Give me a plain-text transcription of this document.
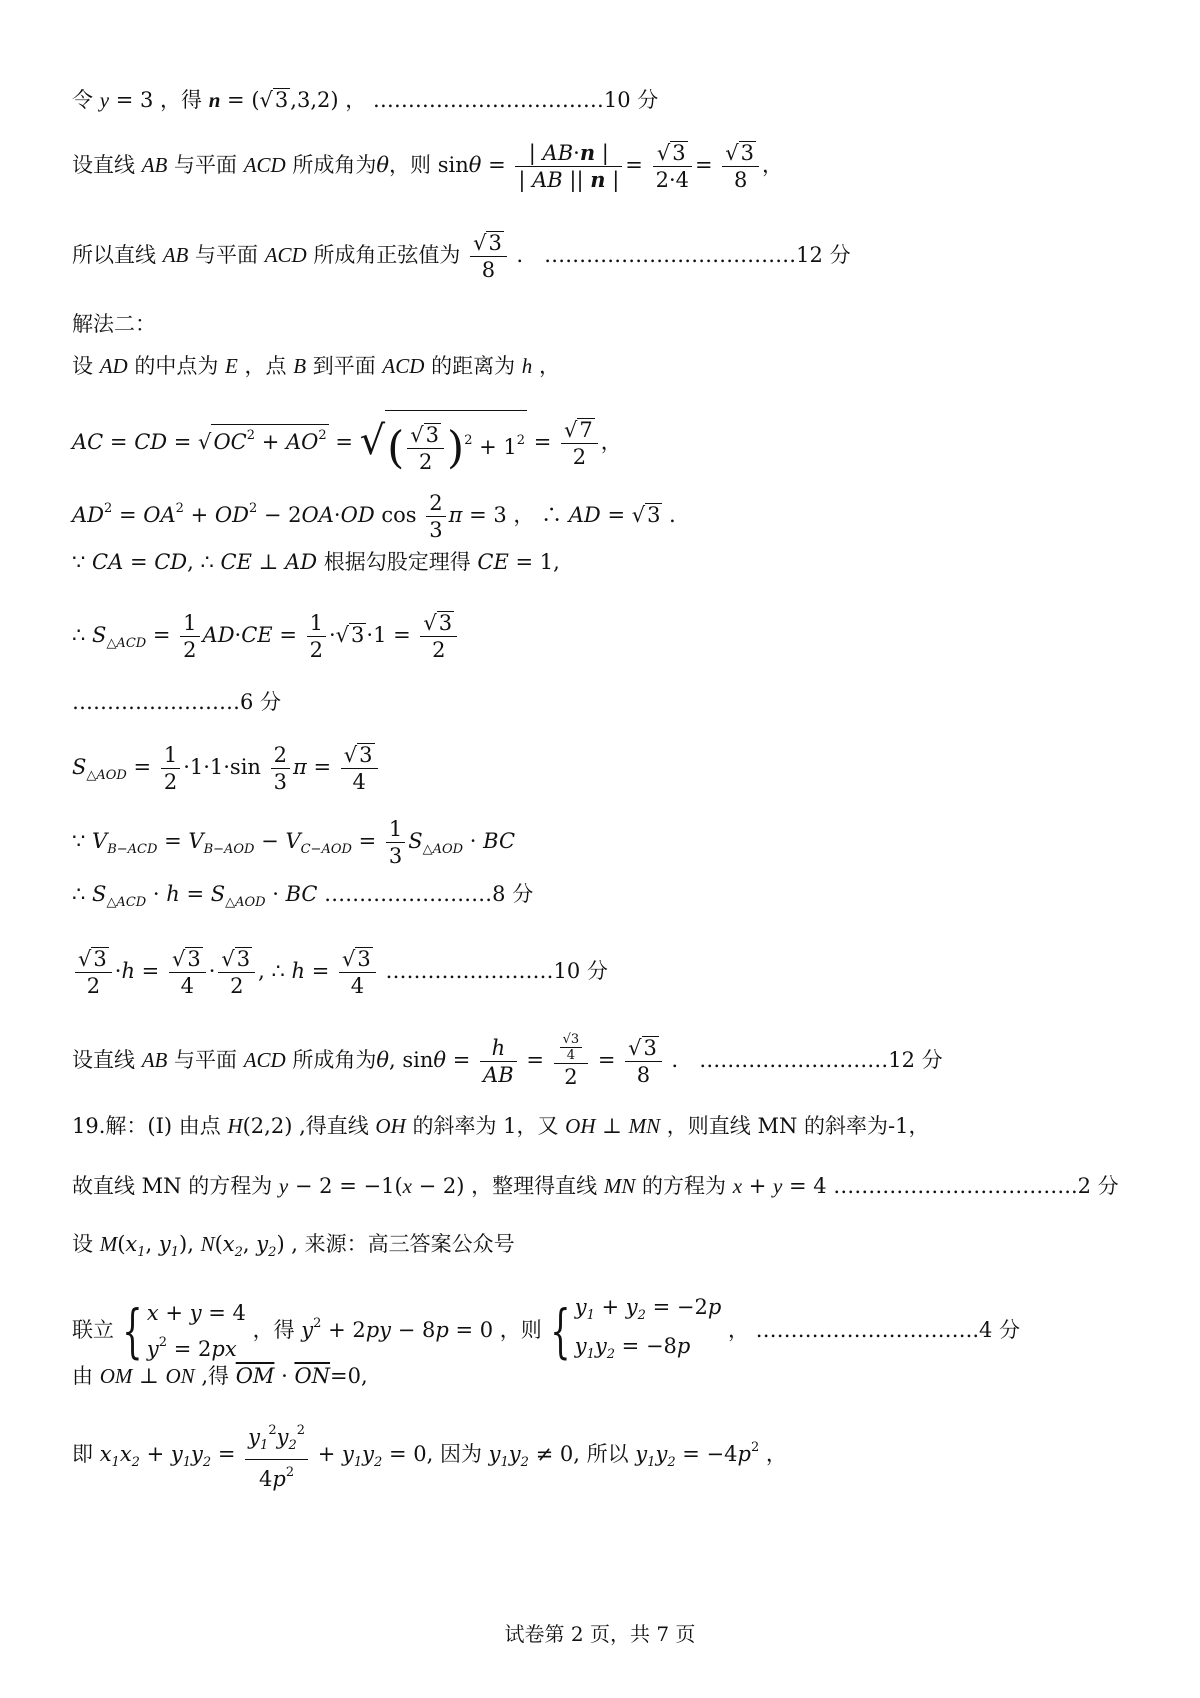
令 y = 3 ，得 n = (√3,3,2) ， ……………………………10 分
设直线 AB 与平面 ACD 所成角为θ，则 $\sin\theta = \frac{| AB\cdot n |}{| AB || n |} = \frac{√3}{2\cdot 4} = \frac{√3}{8}$ ，
所以直线 AB 与平面 ACD 所成角正弦值为 $\frac{√3}{8}$ ． ………………………………12 分
解法二：
设 AD 的中点为 E ，点 B 到平面 ACD 的距离为 h ，
AC = CD = $√OC^2 + AO^2$ = √( $\frac{√3}{2} )^2 + 1^2 = \frac{√7}{2}$ ，
$AD^2 = OA^2 + OD^2 - 2OA\cdot OD$ $\cos \frac{2}{3}$ π = 3 ， ∴ AD = √3 ．
∵ CA = CD, ∴ CE ⊥ AD 根据勾股定理得 CE = 1,
∴ $S_{\triangle ACD} = \frac{1}{2} AD\cdot CE = \frac{1}{2} \cdot√3\cdot 1 = \frac{√3}{2}$
……………………6 分
$S_{\triangle AOD} = \frac{1}{2} \cdot 1\cdot 1\cdot\sin \frac{2}{3}$ $\pi = \frac{√3}{4}$
∵ $V_{B-ACD} = V_{B-AOD} - V_{C-AOD} = \frac{1}{3} S_{\triangle AOD}$ · BC
∴ $S_{\triangle ACD} \cdot h = S_{\triangle AOD}$ · BC ……………………8 分
$\frac{√3}{2} \cdot h = \frac{√3}{4} \cdot \frac{√3}{2}$ , ∴ $h = \frac{√3}{4}$ ……………………10 分
设直线 AB 与平面 ACD 所成角为θ, $\sin\theta = \frac{h}{AB} = \frac{\frac{√3}{4}}{2} = \frac{√3}{8}$ ． ………………………12 分
19.解：(I) 由点 H(2,2) ,得直线 OH 的斜率为 1，又 OH ⊥ MN ，则直线 MN 的斜率为-1，
故直线 MN 的方程为 y − 2 = −1(x − 2) ，整理得直线 MN 的方程为 x + y = 4 ……………………………..2 分
设 $M(x_1$, $y_1$), $N(x_2$, $y_2$) , 来源：高三答案公众号
联立 { x + y = 4
$y^2 = 2px$
，得 $y^2 + 2py - 8p = 0$ ，则 { $y_1 + y_2 = -2p$
$y_1y_2 = -8p$
， …………………………..4 分
由 OM ⊥ ON ,得 $\overline{OM} \cdot \overline{ON}=0$,
即 $x_1x_2 + y_1y_2 = \frac{y_1^2y_2^2}{4p^2} + y_1y_2 = 0$, 因为 $y_1y_2 \ne 0$, 所以 $y_1y_2 = -4p^2$ ，
试卷第 2 页，共 7 页
